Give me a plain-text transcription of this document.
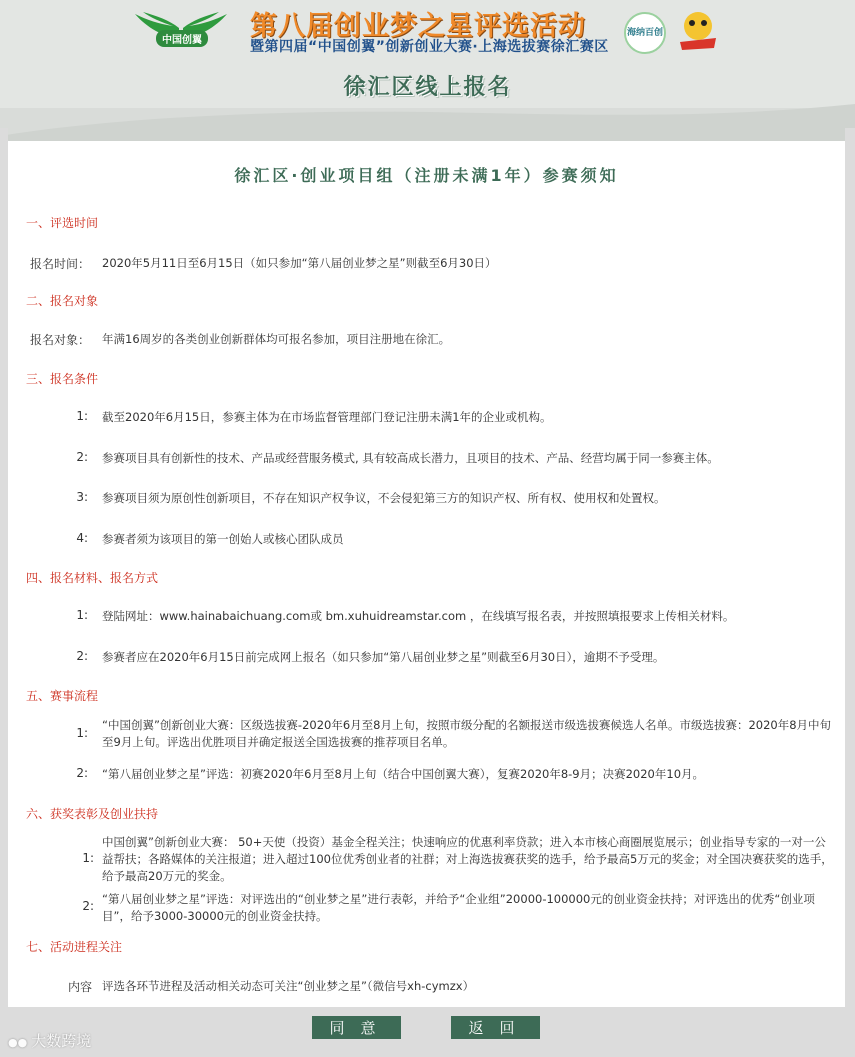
中国创翼 第八届创业梦之星评选活动
暨第四届“中国创翼”创新创业大赛·上海选拔赛徐汇赛区
海纳百创
徐汇区线上报名
徐汇区·创业项目组（注册未满1年）参赛须知
一、评选时间
报名时间： 2020年5月11日至6月15日（如只参加“第八届创业梦之星”则截至6月30日）
二、报名对象
报名对象： 年满16周岁的各类创业创新群体均可报名参加，项目注册地在徐汇。
三、报名条件
1: 截至2020年6月15日，参赛主体为在市场监督管理部门登记注册未满1年的企业或机构。
2: 参赛项目具有创新性的技术、产品或经营服务模式, 具有较高成长潜力，且项目的技术、产品、经营均属于同一参赛主体。
3: 参赛项目须为原创性创新项目，不存在知识产权争议，不会侵犯第三方的知识产权、所有权、使用权和处置权。
4: 参赛者须为该项目的第一创始人或核心团队成员
四、报名材料、报名方式
1: 登陆网址：www.hainabaichuang.com或 bm.xuhuidreamstar.com ，在线填写报名表，并按照填报要求上传相关材料。
2: 参赛者应在2020年6月15日前完成网上报名（如只参加“第八届创业梦之星”则截至6月30日），逾期不予受理。
五、赛事流程
1:
“中国创翼”创新创业大赛：区级选拔赛-2020年6月至8月上旬，按照市级分配的名额报送市级选拔赛候选人名单。市级选拔赛：2020年8月中旬至9月上旬。评选出优胜项目并确定报送全国选拔赛的推荐项目名单。
2: “第八届创业梦之星”评选：初赛2020年6月至8月上旬（结合中国创翼大赛），复赛2020年8-9月；决赛2020年10月。
六、获奖表彰及创业扶持
1:
中国创翼”创新创业大赛： 50+天使（投资）基金全程关注；快速响应的优惠利率贷款；进入本市核心商圈展览展示；创业指导专家的一对一公益帮扶；各路媒体的关注报道；进入超过100位优秀创业者的社群；对上海选拔赛获奖的选手，给予最高5万元的奖金；对全国决赛获奖的选手，给予最高20万元的奖金。
2: “第八届创业梦之星”评选：对评选出的“创业梦之星”进行表彰，并给予“企业组”20000-100000元的创业资金扶持；对评选出的优秀“创业项目”，给予3000-30000元的创业资金扶持。
七、活动进程关注
内容 评选各环节进程及活动相关动态可关注“创业梦之星”（微信号xh-cymzx）
同意	返回
●● 大数跨境
